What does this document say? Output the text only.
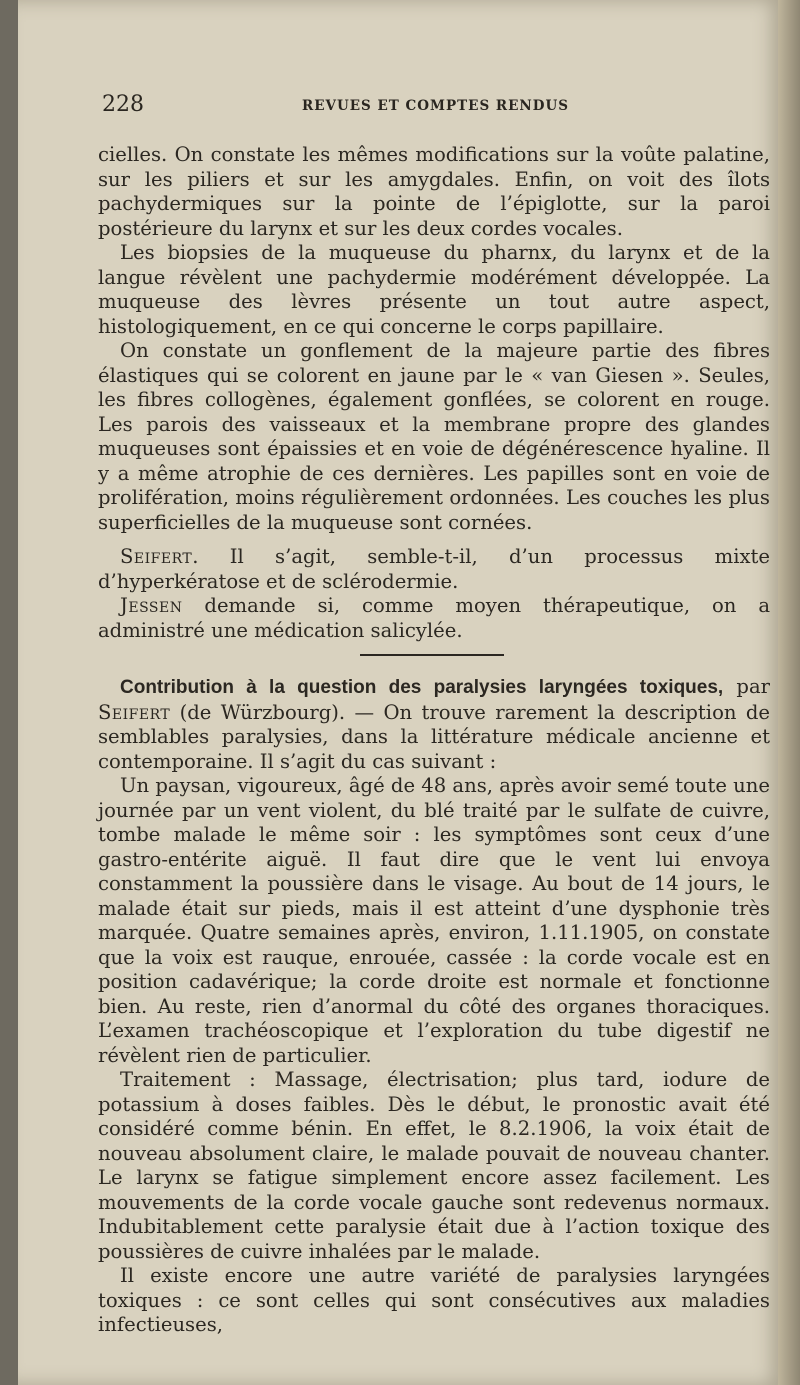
228	REVUES ET COMPTES RENDUS

cielles. On constate les mêmes modifications sur la voûte palatine, sur les piliers et sur les amygdales. Enfin, on voit des îlots pachydermiques sur la pointe de l’épiglotte, sur la paroi postérieure du larynx et sur les deux cordes vocales.

Les biopsies de la muqueuse du pharnx, du larynx et de la langue révèlent une pachydermie modérément développée. La muqueuse des lèvres présente un tout autre aspect, histologiquement, en ce qui concerne le corps papillaire.

On constate un gonflement de la majeure partie des fibres élastiques qui se colorent en jaune par le « van Giesen ». Seules, les fibres collogènes, également gonflées, se colorent en rouge. Les parois des vaisseaux et la membrane propre des glandes muqueuses sont épaissies et en voie de dégénérescence hyaline. Il y a même atrophie de ces dernières. Les papilles sont en voie de prolifération, moins régulièrement ordonnées. Les couches les plus superficielles de la muqueuse sont cornées.

Seifert. Il s’agit, semble-t-il, d’un processus mixte d’hyperkératose et de sclérodermie.

Jessen demande si, comme moyen thérapeutique, on a administré une médication salicylée.

Contribution à la question des paralysies laryngées toxiques, par Seifert (de Würzbourg). — On trouve rarement la description de semblables paralysies, dans la littérature médicale ancienne et contemporaine. Il s’agit du cas suivant :

Un paysan, vigoureux, âgé de 48 ans, après avoir semé toute une journée par un vent violent, du blé traité par le sulfate de cuivre, tombe malade le même soir : les symptômes sont ceux d’une gastro-entérite aiguë. Il faut dire que le vent lui envoya constamment la poussière dans le visage. Au bout de 14 jours, le malade était sur pieds, mais il est atteint d’une dysphonie très marquée. Quatre semaines après, environ, 1.11.1905, on constate que la voix est rauque, enrouée, cassée : la corde vocale est en position cadavérique; la corde droite est normale et fonctionne bien. Au reste, rien d’anormal du côté des organes thoraciques. L’examen trachéoscopique et l’exploration du tube digestif ne révèlent rien de particulier.

Traitement : Massage, électrisation; plus tard, iodure de potassium à doses faibles. Dès le début, le pronostic avait été considéré comme bénin. En effet, le 8.2.1906, la voix était de nouveau absolument claire, le malade pouvait de nouveau chanter. Le larynx se fatigue simplement encore assez facilement. Les mouvements de la corde vocale gauche sont redevenus normaux. Indubitablement cette paralysie était due à l’action toxique des poussières de cuivre inhalées par le malade.

Il existe encore une autre variété de paralysies laryngées toxiques : ce sont celles qui sont consécutives aux maladies infectieuses,
